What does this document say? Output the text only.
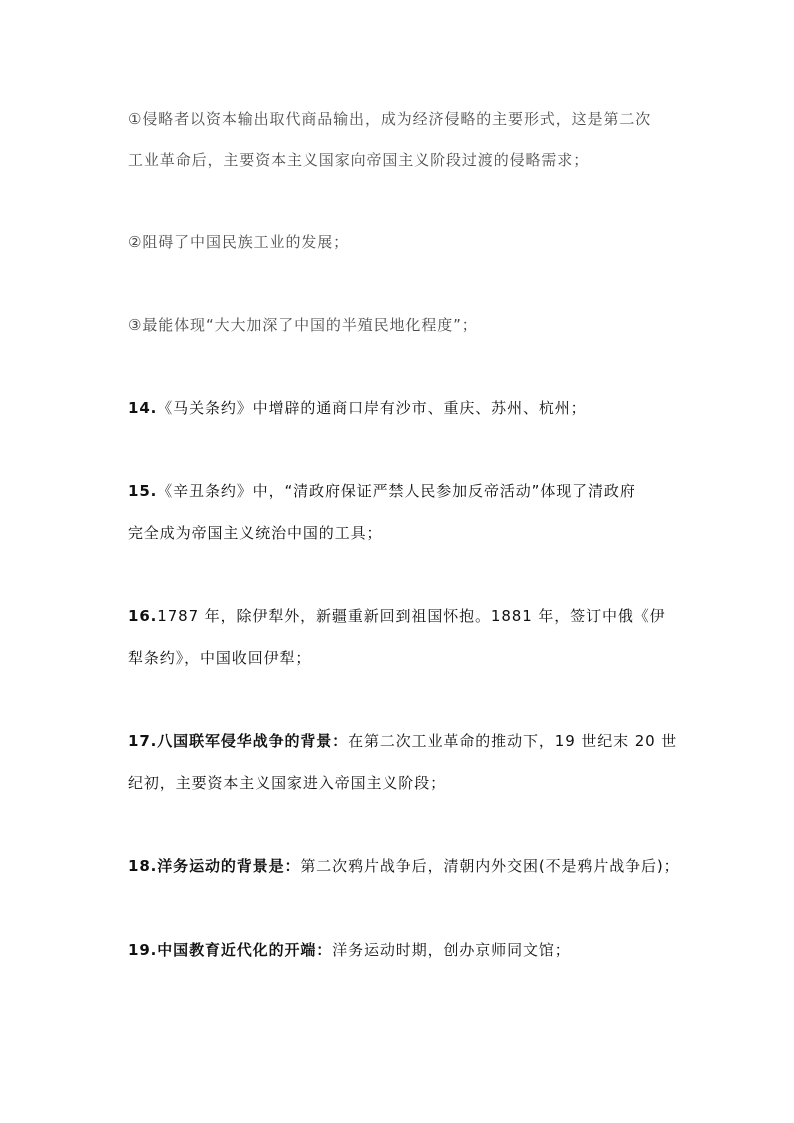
①侵略者以资本输出取代商品输出，成为经济侵略的主要形式，这是第二次
工业革命后，主要资本主义国家向帝国主义阶段过渡的侵略需求；
②阻碍了中国民族工业的发展；
③最能体现“大大加深了中国的半殖民地化程度”；
14.《马关条约》中增辟的通商口岸有沙市、重庆、苏州、杭州；
15.《辛丑条约》中，“清政府保证严禁人民参加反帝活动”体现了清政府
完全成为帝国主义统治中国的工具；
16.1787 年，除伊犁外，新疆重新回到祖国怀抱。1881 年，签订中俄《伊
犁条约》，中国收回伊犁；
17.八国联军侵华战争的背景：在第二次工业革命的推动下，19 世纪末 20 世
纪初，主要资本主义国家进入帝国主义阶段；
18.洋务运动的背景是：第二次鸦片战争后，清朝内外交困(不是鸦片战争后)；
19.中国教育近代化的开端：洋务运动时期，创办京师同文馆；
